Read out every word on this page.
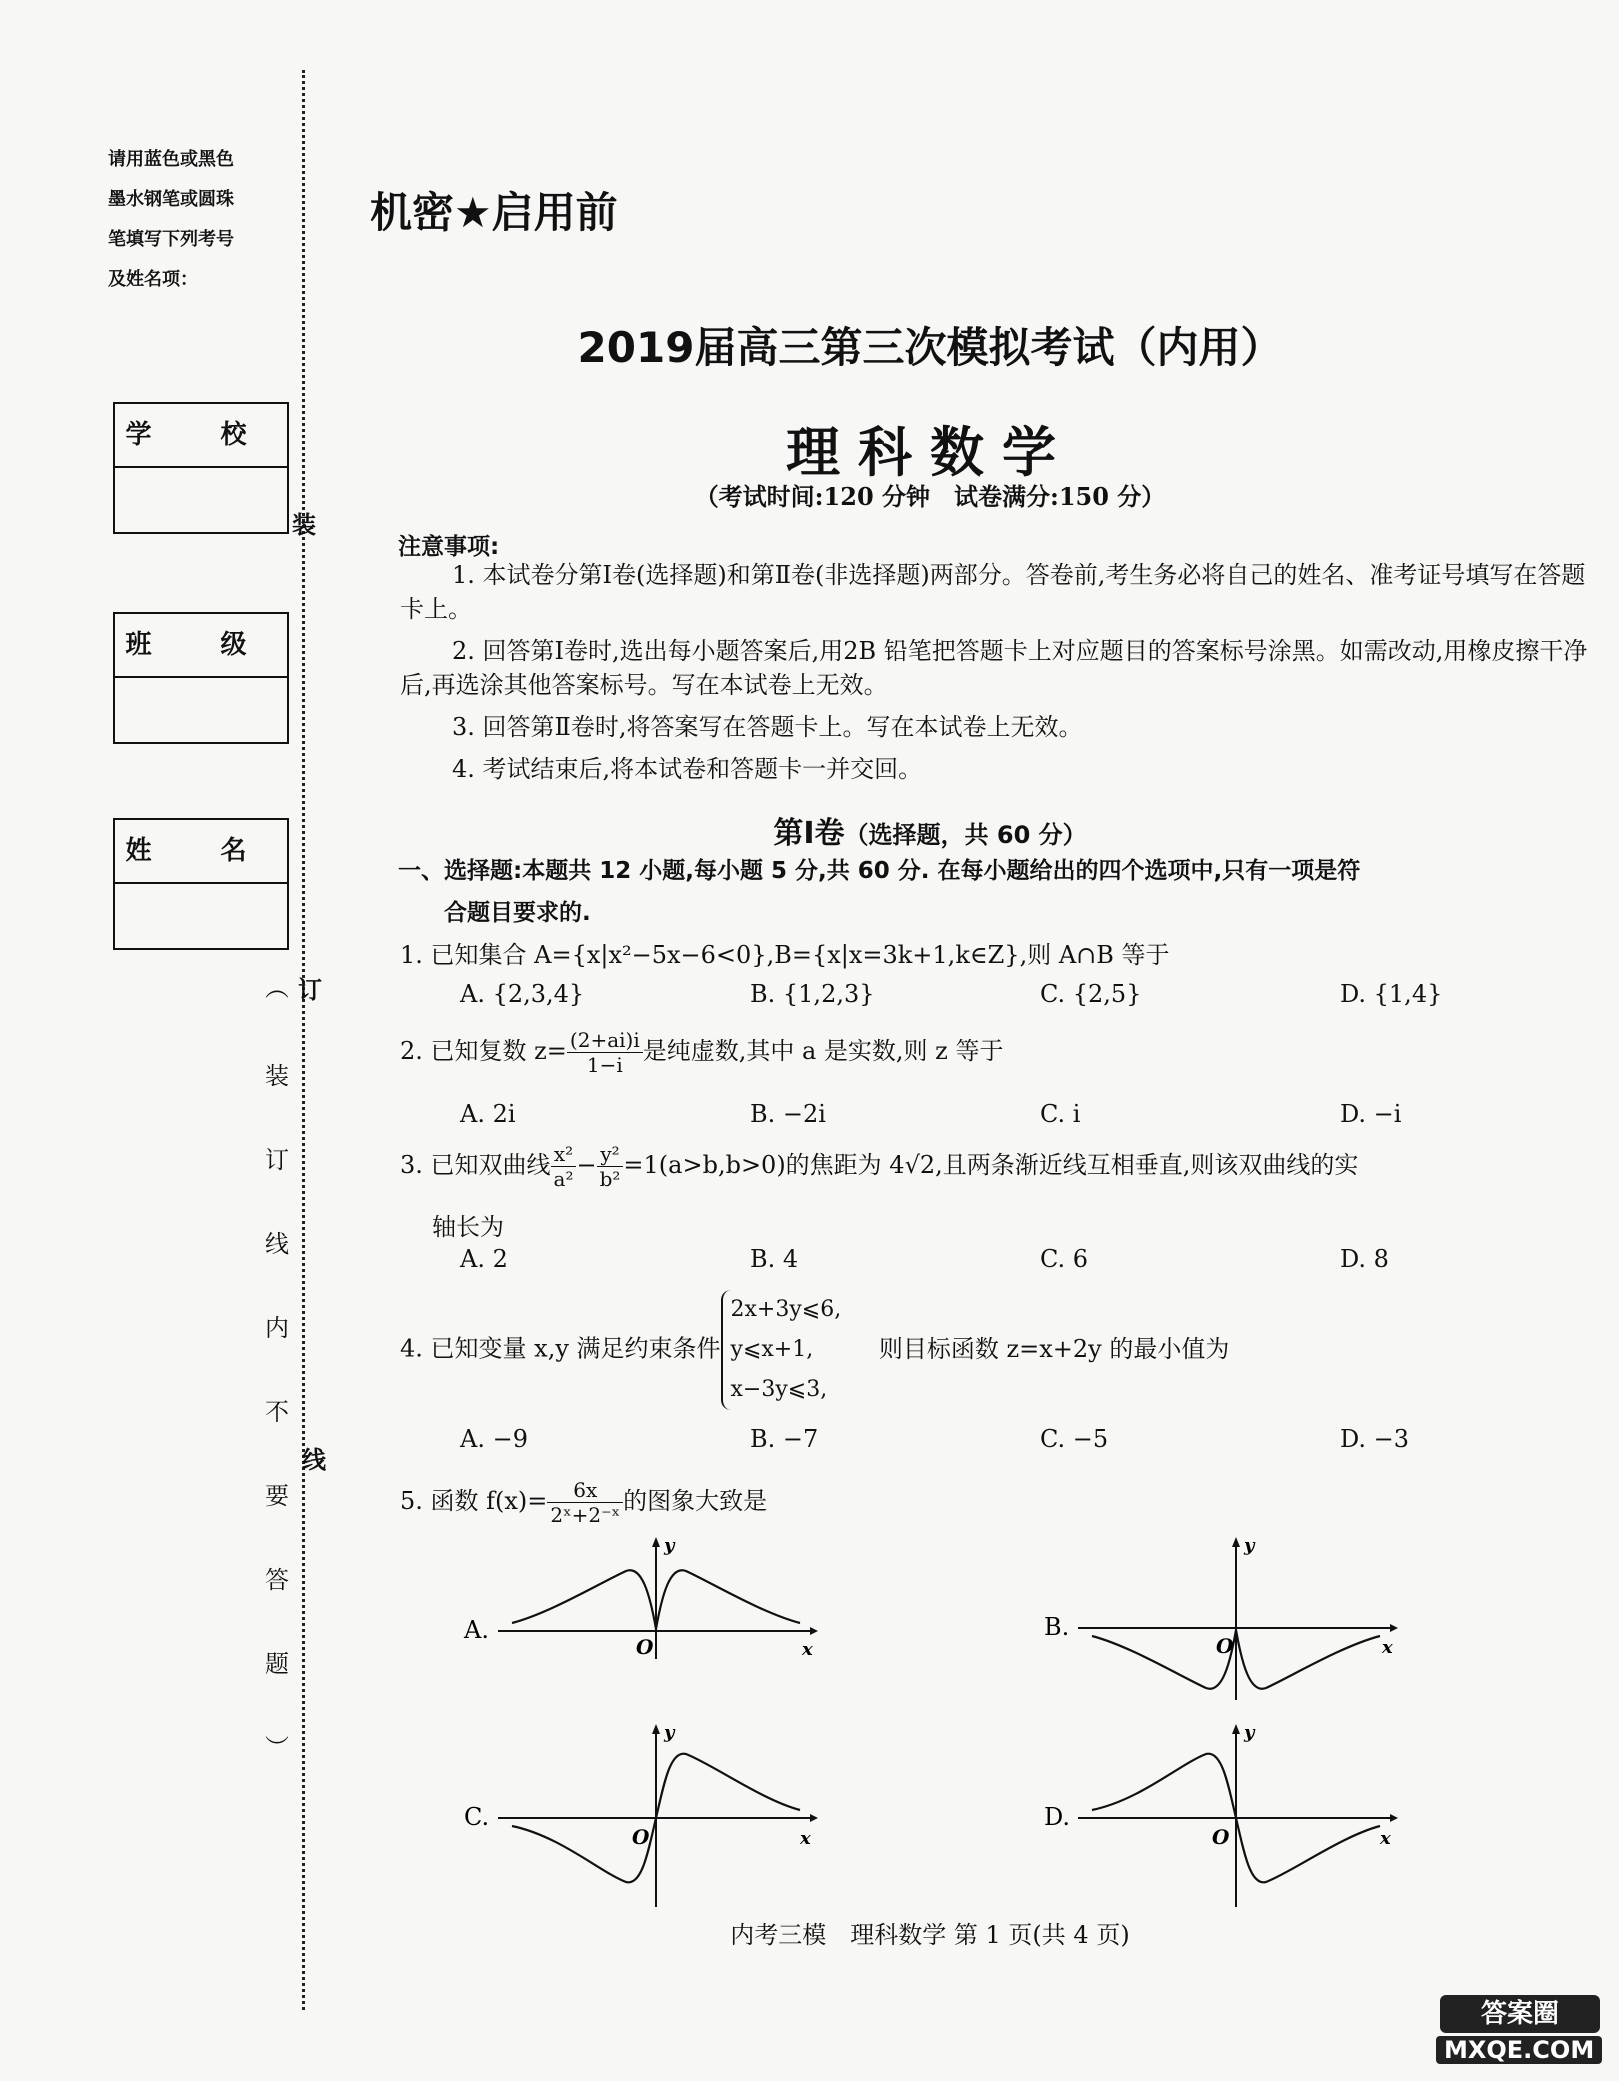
请用蓝色或黑色
墨水钢笔或圆珠
笔填写下列考号
及姓名项：
学 校
班 级
姓 名
︵
装
订
线
内
不
要
答
题
︶
装
订
线
机密★启用前
2019届高三第三次模拟考试（内用）
理科数学
（考试时间:120 分钟　试卷满分:150 分）
注意事项:

1. 本试卷分第Ⅰ卷(选择题)和第Ⅱ卷(非选择题)两部分。答卷前,考生务必将自己的姓名、准考证号填写在答题卡上。

2. 回答第Ⅰ卷时,选出每小题答案后,用2B 铅笔把答题卡上对应题目的答案标号涂黑。如需改动,用橡皮擦干净后,再选涂其他答案标号。写在本试卷上无效。

3. 回答第Ⅱ卷时,将答案写在答题卡上。写在本试卷上无效。

4. 考试结束后,将本试卷和答题卡一并交回。

第Ⅰ卷（选择题，共 60 分）
一、选择题:本题共 12 小题,每小题 5 分,共 60 分. 在每小题给出的四个选项中,只有一项是符
合题目要求的.
1. 已知集合 A={x|x²−5x−6<0},B={x|x=3k+1,k∈Z},则 A∩B 等于
A. {2,3,4}	B. {1,2,3}	C. {2,5}	D. {1,4}
2. 已知复数 $z= \frac{(2+ai)i}{1-i}$ 是纯虚数,其中 a 是实数,则 z 等于
A. 2i	B. −2i	C. i	D. −i
3. 已知双曲线 $\frac{\text{x²}}{\text{a²}} - \frac{\text{y²}}{\text{b²}} =1(a>b,b>0)$的焦距为 4√2,且两条渐近线互相垂直,则该双曲线的实
轴长为
A. 2	B. 4	C. 6	D. 8
4. 已知变量 x,y 满足约束条件
2x+3y⩽6,
y⩽x+1,
x−3y⩽3,
则目标函数 z=x+2y 的最小值为
A. −9	B. −7	C. −5	D. −3
5. 函数 $f(x)= \frac{6x}{\text{2ˣ+2⁻ˣ}}$ 的图象大致是
A.
O	x
y
B.
O	x
y
C.
O	x
y
D.
O	x
y
内考三模　理科数学 第 1 页(共 4 页)
答案圈
MXQE.COM
